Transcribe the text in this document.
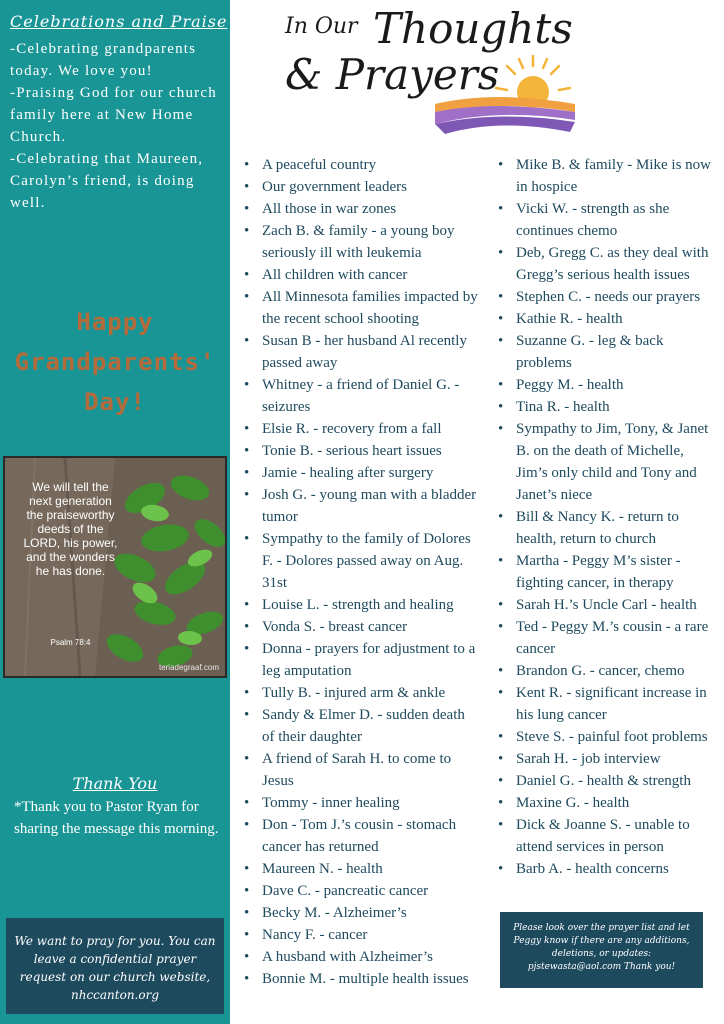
Celebrations and Praise
-Celebrating grandparents today. We love you!
-Praising God for our church family here at New Home Church.
-Celebrating that Maureen, Carolyn’s friend, is doing well.
Happy
Grandparents'
Day!
We will tell the next generation the praiseworthy deeds of the LORD, his power, and the wonders he has done.
Psalm 78:4
teriadegraaf.com
Thank You
*Thank you to Pastor Ryan for sharing the message this morning.
We want to pray for you. You can leave a confidential prayer request on our church website, nhccanton.org
In Our Thoughts
& Prayers
• A peaceful country
• Our government leaders
• All those in war zones
• Zach B. & family - a young boy seriously ill with leukemia
• All children with cancer
• All Minnesota families impacted by the recent school shooting
• Susan B - her husband Al recently passed away
• Whitney - a friend of Daniel G. - seizures
• Elsie R. - recovery from a fall
• Tonie B. - serious heart issues
• Jamie - healing after surgery
• Josh G. - young man with a bladder tumor
• Sympathy to the family of Dolores F. - Dolores passed away on Aug. 31st
• Louise L. - strength and healing
• Vonda S. - breast cancer
• Donna - prayers for adjustment to a leg amputation
• Tully B. - injured arm & ankle
• Sandy & Elmer D. - sudden death of their daughter
• A friend of Sarah H. to come to Jesus
• Tommy - inner healing
• Don - Tom J.’s cousin - stomach cancer has returned
• Maureen N. - health
• Dave C. - pancreatic cancer
• Becky M. - Alzheimer’s
• Nancy F. - cancer
• A husband with Alzheimer’s
• Bonnie M. - multiple health issues
• Mike B. & family - Mike is now in hospice
• Vicki W. - strength as she continues chemo
• Deb, Gregg C. as they deal with Gregg’s serious health issues
• Stephen C. - needs our prayers
• Kathie R. - health
• Suzanne G. - leg & back problems
• Peggy M. - health
• Tina R. - health
• Sympathy to Jim, Tony, & Janet B. on the death of Michelle, Jim’s only child and Tony and Janet’s niece
• Bill & Nancy K. - return to health, return to church
• Martha - Peggy M’s sister - fighting cancer, in therapy
• Sarah H.’s Uncle Carl - health
• Ted - Peggy M.’s cousin - a rare cancer
• Brandon G. - cancer, chemo
• Kent R. - significant increase in his lung cancer
• Steve S. - painful foot problems
• Sarah H. - job interview
• Daniel G. - health & strength
• Maxine G. - health
• Dick & Joanne S. - unable to attend services in person
• Barb A. - health concerns
Please look over the prayer list and let Peggy know if there are any additions, deletions, or updates: pjstewasta@aol.com Thank you!
